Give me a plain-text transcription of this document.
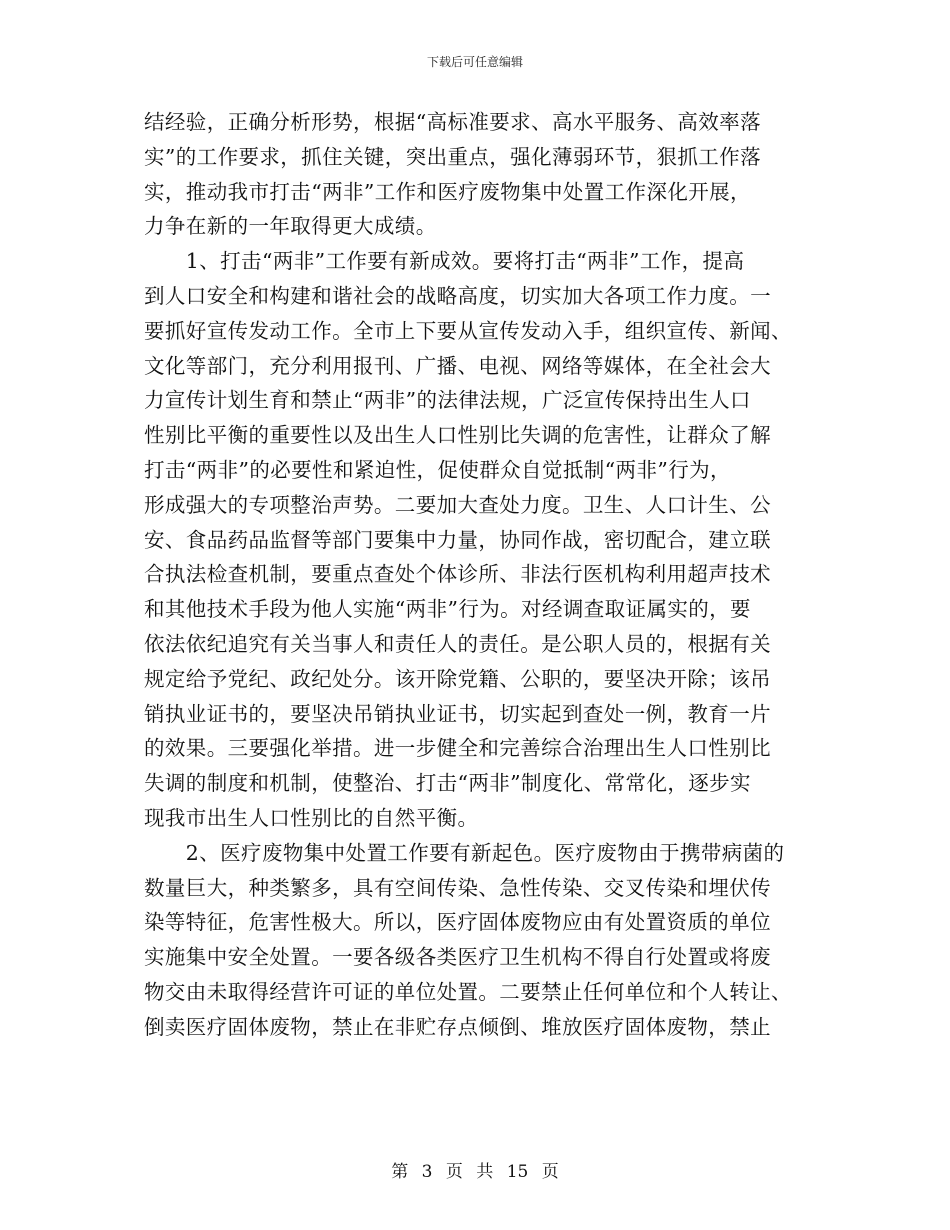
下载后可任意编辑
结经验，正确分析形势，根据“高标准要求、高水平服务、高效率落
实”的工作要求，抓住关键，突出重点，强化薄弱环节，狠抓工作落
实，推动我市打击“两非”工作和医疗废物集中处置工作深化开展，
力争在新的一年取得更大成绩。
　　1、打击“两非”工作要有新成效。要将打击“两非”工作，提高
到人口安全和构建和谐社会的战略高度，切实加大各项工作力度。一
要抓好宣传发动工作。全市上下要从宣传发动入手，组织宣传、新闻、
文化等部门，充分利用报刊、广播、电视、网络等媒体，在全社会大
力宣传计划生育和禁止“两非”的法律法规，广泛宣传保持出生人口
性别比平衡的重要性以及出生人口性别比失调的危害性，让群众了解
打击“两非”的必要性和紧迫性，促使群众自觉抵制“两非”行为，
形成强大的专项整治声势。二要加大查处力度。卫生、人口计生、公
安、食品药品监督等部门要集中力量，协同作战，密切配合，建立联
合执法检查机制，要重点查处个体诊所、非法行医机构利用超声技术
和其他技术手段为他人实施“两非”行为。对经调查取证属实的，要
依法依纪追究有关当事人和责任人的责任。是公职人员的，根据有关
规定给予党纪、政纪处分。该开除党籍、公职的，要坚决开除；该吊
销执业证书的，要坚决吊销执业证书，切实起到查处一例，教育一片
的效果。三要强化举措。进一步健全和完善综合治理出生人口性别比
失调的制度和机制，使整治、打击“两非”制度化、常常化，逐步实
现我市出生人口性别比的自然平衡。
　　2、医疗废物集中处置工作要有新起色。医疗废物由于携带病菌的
数量巨大，种类繁多，具有空间传染、急性传染、交叉传染和埋伏传
染等特征，危害性极大。所以，医疗固体废物应由有处置资质的单位
实施集中安全处置。一要各级各类医疗卫生机构不得自行处置或将废
物交由未取得经营许可证的单位处置。二要禁止任何单位和个人转让、
倒卖医疗固体废物，禁止在非贮存点倾倒、堆放医疗固体废物，禁止
第 3 页 共 15 页
